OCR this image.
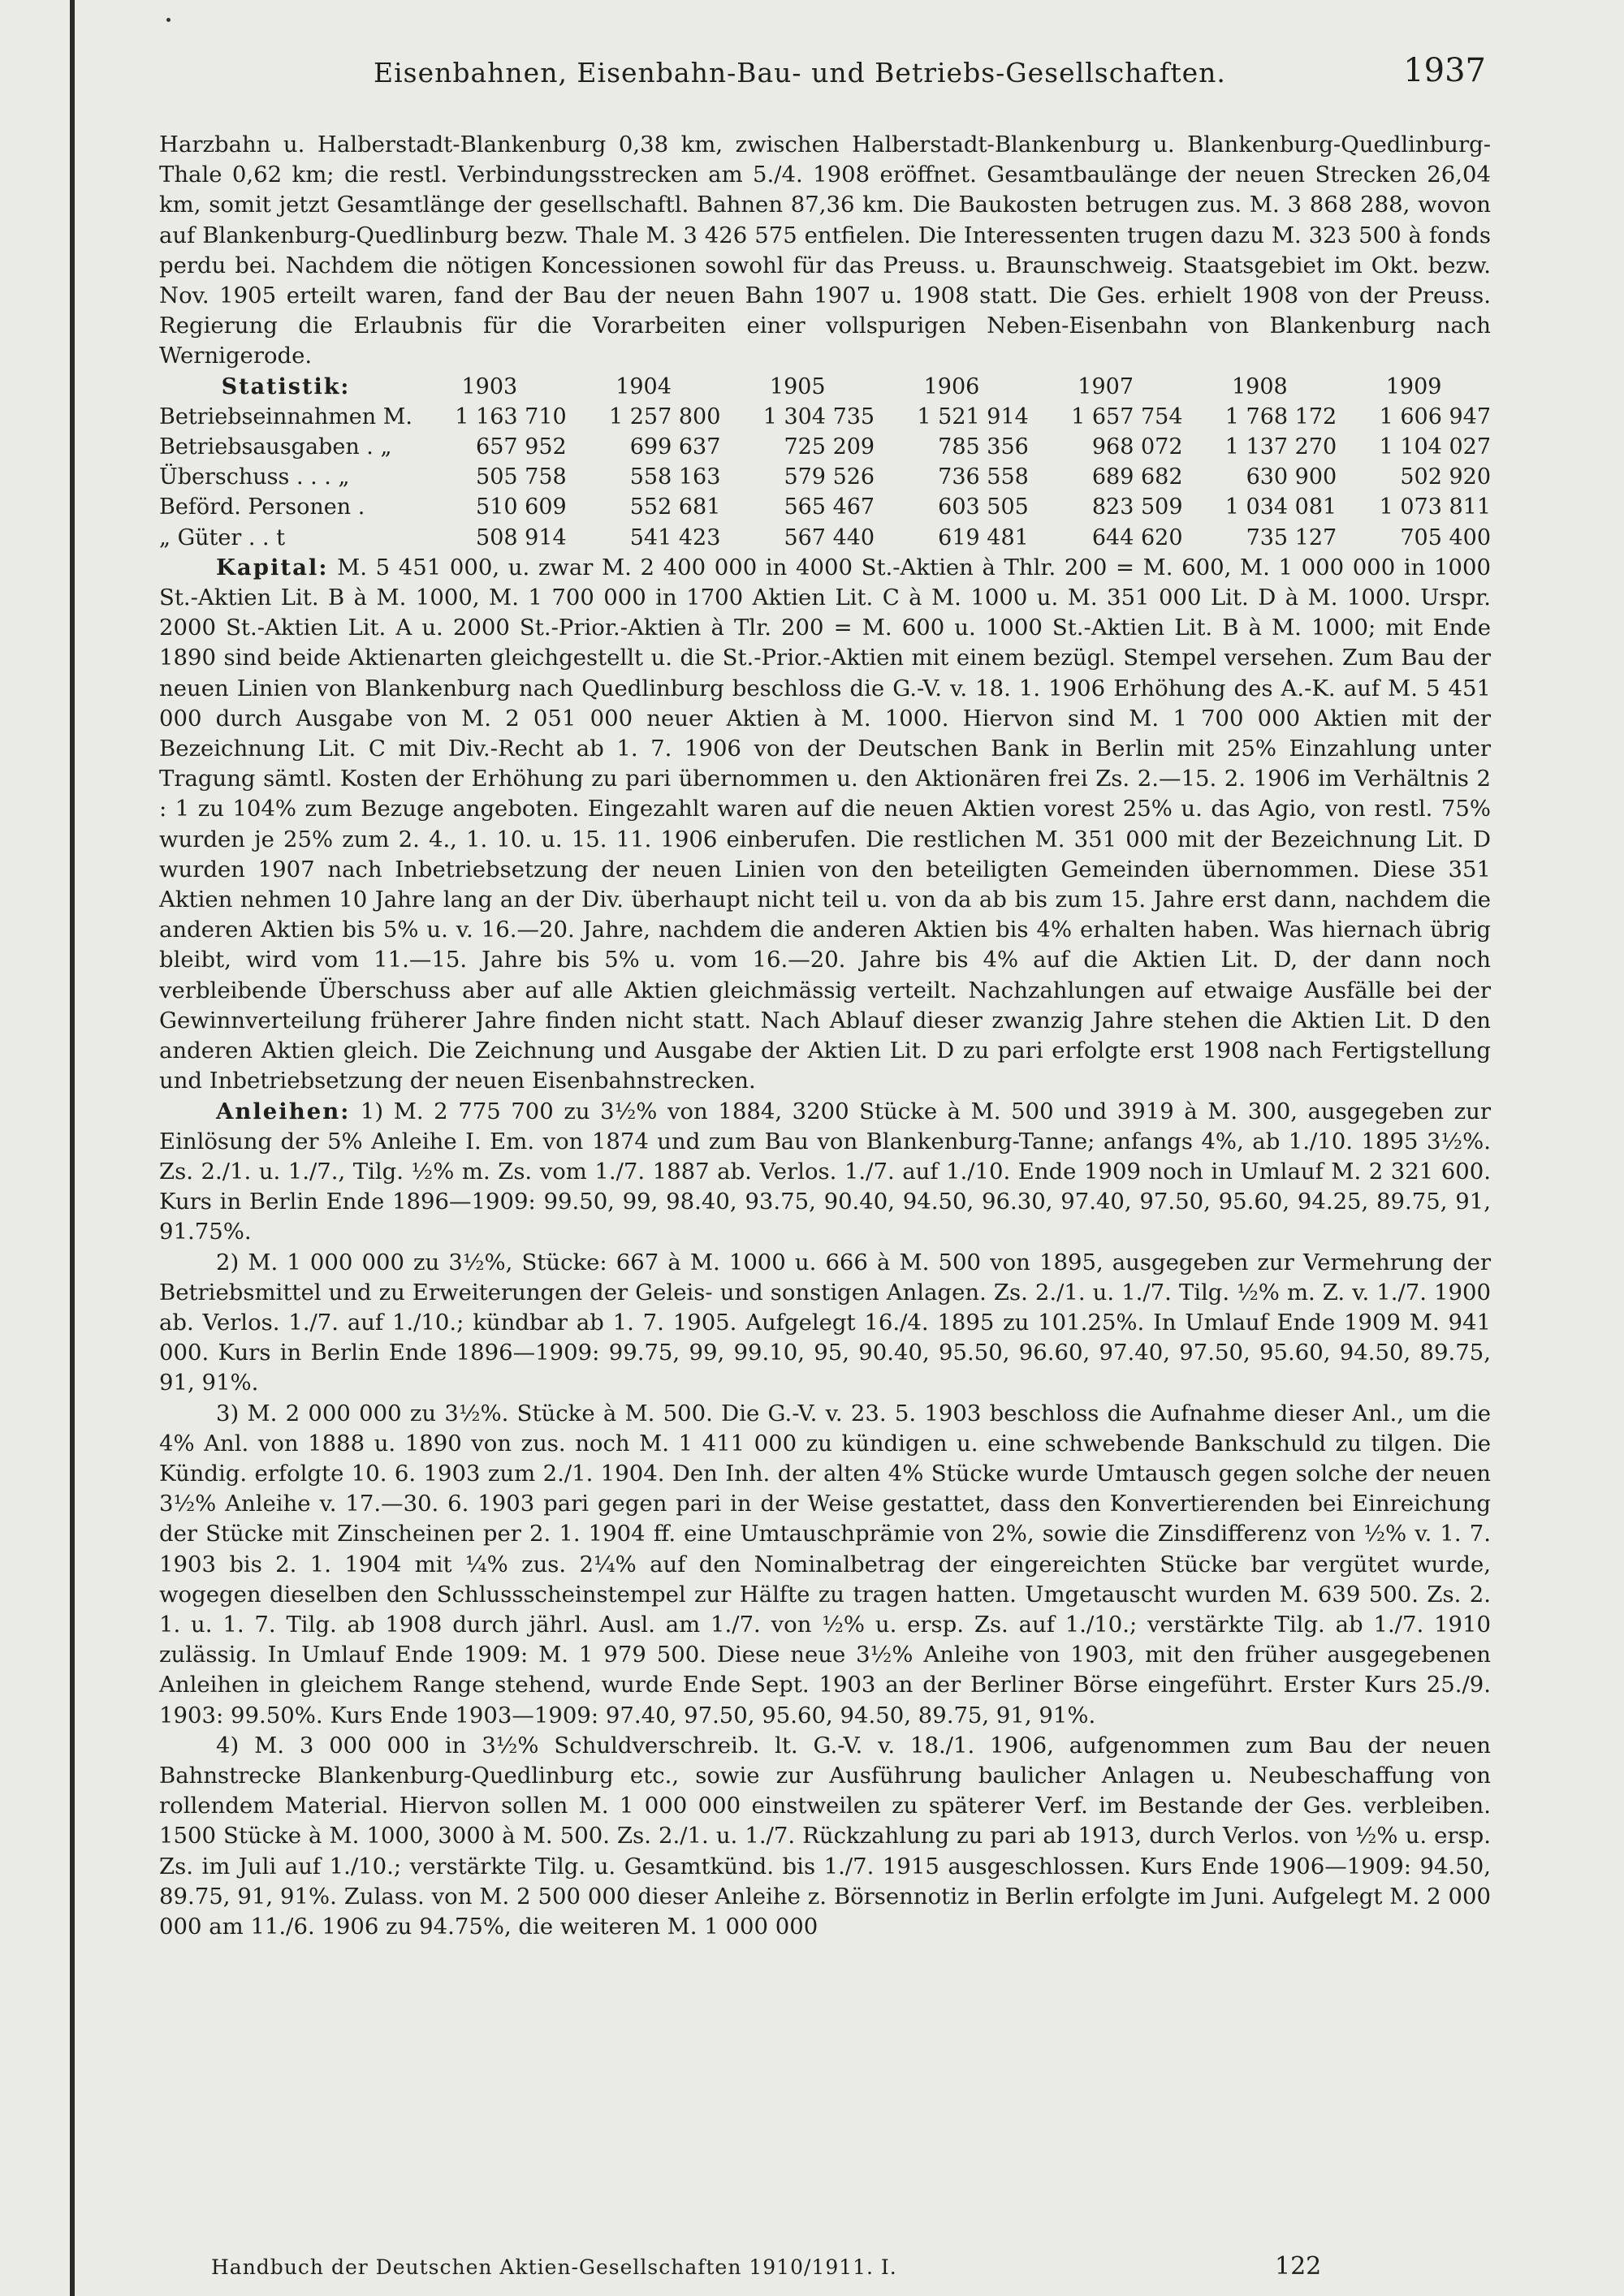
Eisenbahnen, Eisenbahn-Bau- und Betriebs-Gesellschaften.	1937

Harzbahn u. Halberstadt-Blankenburg 0,38 km, zwischen Halberstadt-Blankenburg u. Blankenburg-Quedlinburg-Thale 0,62 km; die restl. Verbindungsstrecken am 5./4. 1908 eröffnet. Gesamtbaulänge der neuen Strecken 26,04 km, somit jetzt Gesamtlänge der gesellschaftl. Bahnen 87,36 km. Die Baukosten betrugen zus. M. 3 868 288, wovon auf Blankenburg-Quedlinburg bezw. Thale M. 3 426 575 entfielen. Die Interessenten trugen dazu M. 323 500 à fonds perdu bei. Nachdem die nötigen Koncessionen sowohl für das Preuss. u. Braunschweig. Staatsgebiet im Okt. bezw. Nov. 1905 erteilt waren, fand der Bau der neuen Bahn 1907 u. 1908 statt. Die Ges. erhielt 1908 von der Preuss. Regierung die Erlaubnis für die Vorarbeiten einer vollspurigen Neben-Eisenbahn von Blankenburg nach Wernigerode.

Statistik:	1903	1904	1905	1906	1907	1908	1909
Betriebseinnahmen M.	1 163 710	1 257 800	1 304 735	1 521 914	1 657 754	1 768 172	1 606 947
Betriebsausgaben . „	657 952	699 637	725 209	785 356	968 072	1 137 270	1 104 027
Überschuss . . . „	505 758	558 163	579 526	736 558	689 682	630 900	502 920
Beförd. Personen .	510 609	552 681	565 467	603 505	823 509	1 034 081	1 073 811
„ Güter . . t	508 914	541 423	567 440	619 481	644 620	735 127	705 400

Kapital: M. 5 451 000, u. zwar M. 2 400 000 in 4000 St.-Aktien à Thlr. 200 = M. 600, M. 1 000 000 in 1000 St.-Aktien Lit. B à M. 1000, M. 1 700 000 in 1700 Aktien Lit. C à M. 1000 u. M. 351 000 Lit. D à M. 1000. Urspr. 2000 St.-Aktien Lit. A u. 2000 St.-Prior.-Aktien à Tlr. 200 = M. 600 u. 1000 St.-Aktien Lit. B à M. 1000; mit Ende 1890 sind beide Aktienarten gleichgestellt u. die St.-Prior.-Aktien mit einem bezügl. Stempel versehen. Zum Bau der neuen Linien von Blankenburg nach Quedlinburg beschloss die G.-V. v. 18. 1. 1906 Erhöhung des A.-K. auf M. 5 451 000 durch Ausgabe von M. 2 051 000 neuer Aktien à M. 1000. Hiervon sind M. 1 700 000 Aktien mit der Bezeichnung Lit. C mit Div.-Recht ab 1. 7. 1906 von der Deutschen Bank in Berlin mit 25% Einzahlung unter Tragung sämtl. Kosten der Erhöhung zu pari übernommen u. den Aktionären frei Zs. 2.—15. 2. 1906 im Verhältnis 2 : 1 zu 104% zum Bezuge angeboten. Eingezahlt waren auf die neuen Aktien vorest 25% u. das Agio, von restl. 75% wurden je 25% zum 2. 4., 1. 10. u. 15. 11. 1906 einberufen. Die restlichen M. 351 000 mit der Bezeichnung Lit. D wurden 1907 nach Inbetriebsetzung der neuen Linien von den beteiligten Gemeinden übernommen. Diese 351 Aktien nehmen 10 Jahre lang an der Div. überhaupt nicht teil u. von da ab bis zum 15. Jahre erst dann, nachdem die anderen Aktien bis 5% u. v. 16.—20. Jahre, nachdem die anderen Aktien bis 4% erhalten haben. Was hiernach übrig bleibt, wird vom 11.—15. Jahre bis 5% u. vom 16.—20. Jahre bis 4% auf die Aktien Lit. D, der dann noch verbleibende Überschuss aber auf alle Aktien gleichmässig verteilt. Nachzahlungen auf etwaige Ausfälle bei der Gewinnverteilung früherer Jahre finden nicht statt. Nach Ablauf dieser zwanzig Jahre stehen die Aktien Lit. D den anderen Aktien gleich. Die Zeichnung und Ausgabe der Aktien Lit. D zu pari erfolgte erst 1908 nach Fertigstellung und Inbetriebsetzung der neuen Eisenbahnstrecken.

Anleihen: 1) M. 2 775 700 zu 3½% von 1884, 3200 Stücke à M. 500 und 3919 à M. 300, ausgegeben zur Einlösung der 5% Anleihe I. Em. von 1874 und zum Bau von Blankenburg-Tanne; anfangs 4%, ab 1./10. 1895 3½%. Zs. 2./1. u. 1./7., Tilg. ½% m. Zs. vom 1./7. 1887 ab. Verlos. 1./7. auf 1./10. Ende 1909 noch in Umlauf M. 2 321 600. Kurs in Berlin Ende 1896—1909: 99.50, 99, 98.40, 93.75, 90.40, 94.50, 96.30, 97.40, 97.50, 95.60, 94.25, 89.75, 91, 91.75%.

2) M. 1 000 000 zu 3½%, Stücke: 667 à M. 1000 u. 666 à M. 500 von 1895, ausgegeben zur Vermehrung der Betriebsmittel und zu Erweiterungen der Geleis- und sonstigen Anlagen. Zs. 2./1. u. 1./7. Tilg. ½% m. Z. v. 1./7. 1900 ab. Verlos. 1./7. auf 1./10.; kündbar ab 1. 7. 1905. Aufgelegt 16./4. 1895 zu 101.25%. In Umlauf Ende 1909 M. 941 000. Kurs in Berlin Ende 1896—1909: 99.75, 99, 99.10, 95, 90.40, 95.50, 96.60, 97.40, 97.50, 95.60, 94.50, 89.75, 91, 91%.

3) M. 2 000 000 zu 3½%. Stücke à M. 500. Die G.-V. v. 23. 5. 1903 beschloss die Aufnahme dieser Anl., um die 4% Anl. von 1888 u. 1890 von zus. noch M. 1 411 000 zu kündigen u. eine schwebende Bankschuld zu tilgen. Die Kündig. erfolgte 10. 6. 1903 zum 2./1. 1904. Den Inh. der alten 4% Stücke wurde Umtausch gegen solche der neuen 3½% Anleihe v. 17.—30. 6. 1903 pari gegen pari in der Weise gestattet, dass den Konvertierenden bei Einreichung der Stücke mit Zinscheinen per 2. 1. 1904 ff. eine Umtauschprämie von 2%, sowie die Zinsdifferenz von ½% v. 1. 7. 1903 bis 2. 1. 1904 mit ¼% zus. 2¼% auf den Nominalbetrag der eingereichten Stücke bar vergütet wurde, wogegen dieselben den Schlussscheinstempel zur Hälfte zu tragen hatten. Umgetauscht wurden M. 639 500. Zs. 2. 1. u. 1. 7. Tilg. ab 1908 durch jährl. Ausl. am 1./7. von ½% u. ersp. Zs. auf 1./10.; verstärkte Tilg. ab 1./7. 1910 zulässig. In Umlauf Ende 1909: M. 1 979 500. Diese neue 3½% Anleihe von 1903, mit den früher ausgegebenen Anleihen in gleichem Range stehend, wurde Ende Sept. 1903 an der Berliner Börse eingeführt. Erster Kurs 25./9. 1903: 99.50%. Kurs Ende 1903—1909: 97.40, 97.50, 95.60, 94.50, 89.75, 91, 91%.

4) M. 3 000 000 in 3½% Schuldverschreib. lt. G.-V. v. 18./1. 1906, aufgenommen zum Bau der neuen Bahnstrecke Blankenburg-Quedlinburg etc., sowie zur Ausführung baulicher Anlagen u. Neubeschaffung von rollendem Material. Hiervon sollen M. 1 000 000 einstweilen zu späterer Verf. im Bestande der Ges. verbleiben. 1500 Stücke à M. 1000, 3000 à M. 500. Zs. 2./1. u. 1./7. Rückzahlung zu pari ab 1913, durch Verlos. von ½% u. ersp. Zs. im Juli auf 1./10.; verstärkte Tilg. u. Gesamtkünd. bis 1./7. 1915 ausgeschlossen. Kurs Ende 1906—1909: 94.50, 89.75, 91, 91%. Zulass. von M. 2 500 000 dieser Anleihe z. Börsennotiz in Berlin erfolgte im Juni. Aufgelegt M. 2 000 000 am 11./6. 1906 zu 94.75%, die weiteren M. 1 000 000

Handbuch der Deutschen Aktien-Gesellschaften 1910/1911. I.	122
